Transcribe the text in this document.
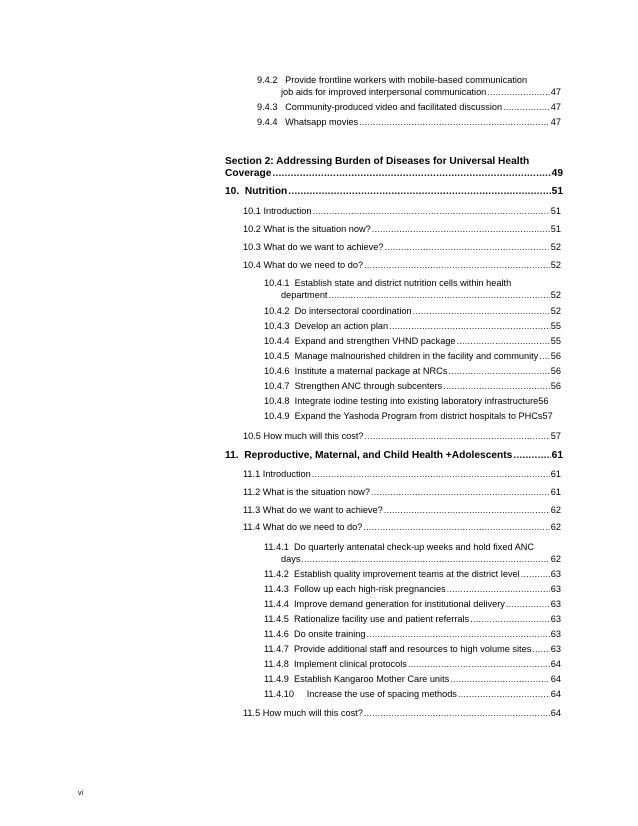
9.4.2 Provide frontline workers with mobile-based communication
job aids for improved interpersonal communication .....	47
9.4.3 Community-produced video and facilitated discussion .....	47
9.4.4 Whatsapp movies .....	47
Section 2: Addressing Burden of Diseases for Universal Health
Coverage .....	49
10. Nutrition .....	51
10.1 Introduction .....	51
10.2 What is the situation now? .....	51
10.3 What do we want to achieve? .....	52
10.4 What do we need to do? .....	52
10.4.1 Establish state and district nutrition cells within health
department .....	52
10.4.2 Do intersectoral coordination .....	52
10.4.3 Develop an action plan .....	55
10.4.4 Expand and strengthen VHND package .....	55
10.4.5 Manage malnourished children in the facility and community ..... 56
10.4.6 Institute a maternal package at NRCs .....	56
10.4.7 Strengthen ANC through subcenters .....	56
10.4.8 Integrate iodine testing into existing laboratory infrastructure 56
10.4.9 Expand the Yashoda Program from district hospitals to PHCs 57
10.5 How much will this cost? .....	57
11. Reproductive, Maternal, and Child Health +Adolescents .....	61
11.1 Introduction .....	61
11.2 What is the situation now? .....	61
11.3 What do we want to achieve? .....	62
11.4 What do we need to do? .....	62
11.4.1 Do quarterly antenatal check-up weeks and hold fixed ANC
days .....	62
11.4.2 Establish quality improvement teams at the district level .....	63
11.4.3 Follow up each high-risk pregnancies .....	63
11.4.4 Improve demand generation for institutional delivery .....	63
11.4.5 Rationalize facility use and patient referrals .....	63
11.4.6 Do onsite training .....	63
11.4.7 Provide additional staff and resources to high volume sites ..... 63
11.4.8 Implement clinical protocols .....	64
11.4.9 Establish Kangaroo Mother Care units .....	64
11.4.10 Increase the use of spacing methods .....	64
11.5 How much will this cost? .....	64
vi
